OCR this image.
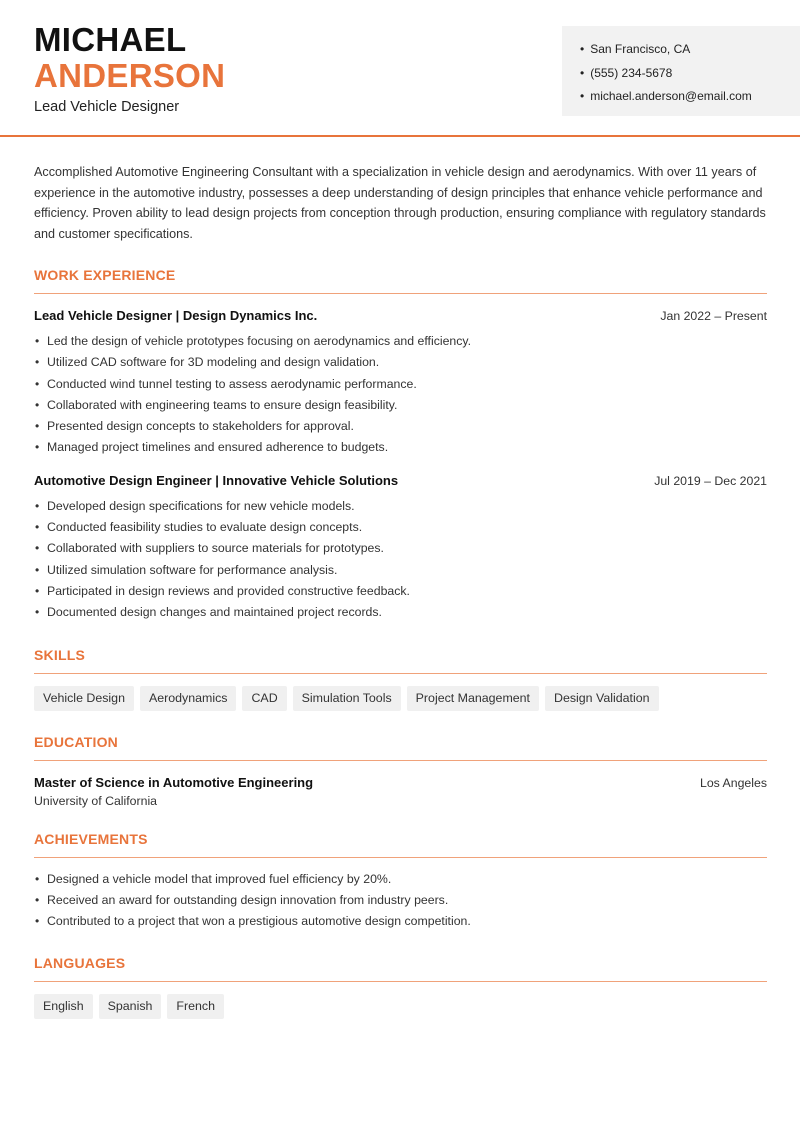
MICHAEL
ANDERSON
Lead Vehicle Designer
• San Francisco, CA
• (555) 234-5678
• michael.anderson@email.com

Accomplished Automotive Engineering Consultant with a specialization in vehicle design and aerodynamics. With over 11 years of experience in the automotive industry, possesses a deep understanding of design principles that enhance vehicle performance and efficiency. Proven ability to lead design projects from conception through production, ensuring compliance with regulatory standards and customer specifications.

WORK EXPERIENCE
Lead Vehicle Designer | Design Dynamics Inc.	Jan 2022 – Present
• Led the design of vehicle prototypes focusing on aerodynamics and efficiency.
• Utilized CAD software for 3D modeling and design validation.
• Conducted wind tunnel testing to assess aerodynamic performance.
• Collaborated with engineering teams to ensure design feasibility.
• Presented design concepts to stakeholders for approval.
• Managed project timelines and ensured adherence to budgets.
Automotive Design Engineer | Innovative Vehicle Solutions	Jul 2019 – Dec 2021
• Developed design specifications for new vehicle models.
• Conducted feasibility studies to evaluate design concepts.
• Collaborated with suppliers to source materials for prototypes.
• Utilized simulation software for performance analysis.
• Participated in design reviews and provided constructive feedback.
• Documented design changes and maintained project records.
SKILLS
Vehicle Design	Aerodynamics	CAD	Simulation Tools	Project Management	Design Validation
EDUCATION
Master of Science in Automotive Engineering	Los Angeles
University of California
ACHIEVEMENTS
• Designed a vehicle model that improved fuel efficiency by 20%.
• Received an award for outstanding design innovation from industry peers.
• Contributed to a project that won a prestigious automotive design competition.
LANGUAGES
English	Spanish	French
